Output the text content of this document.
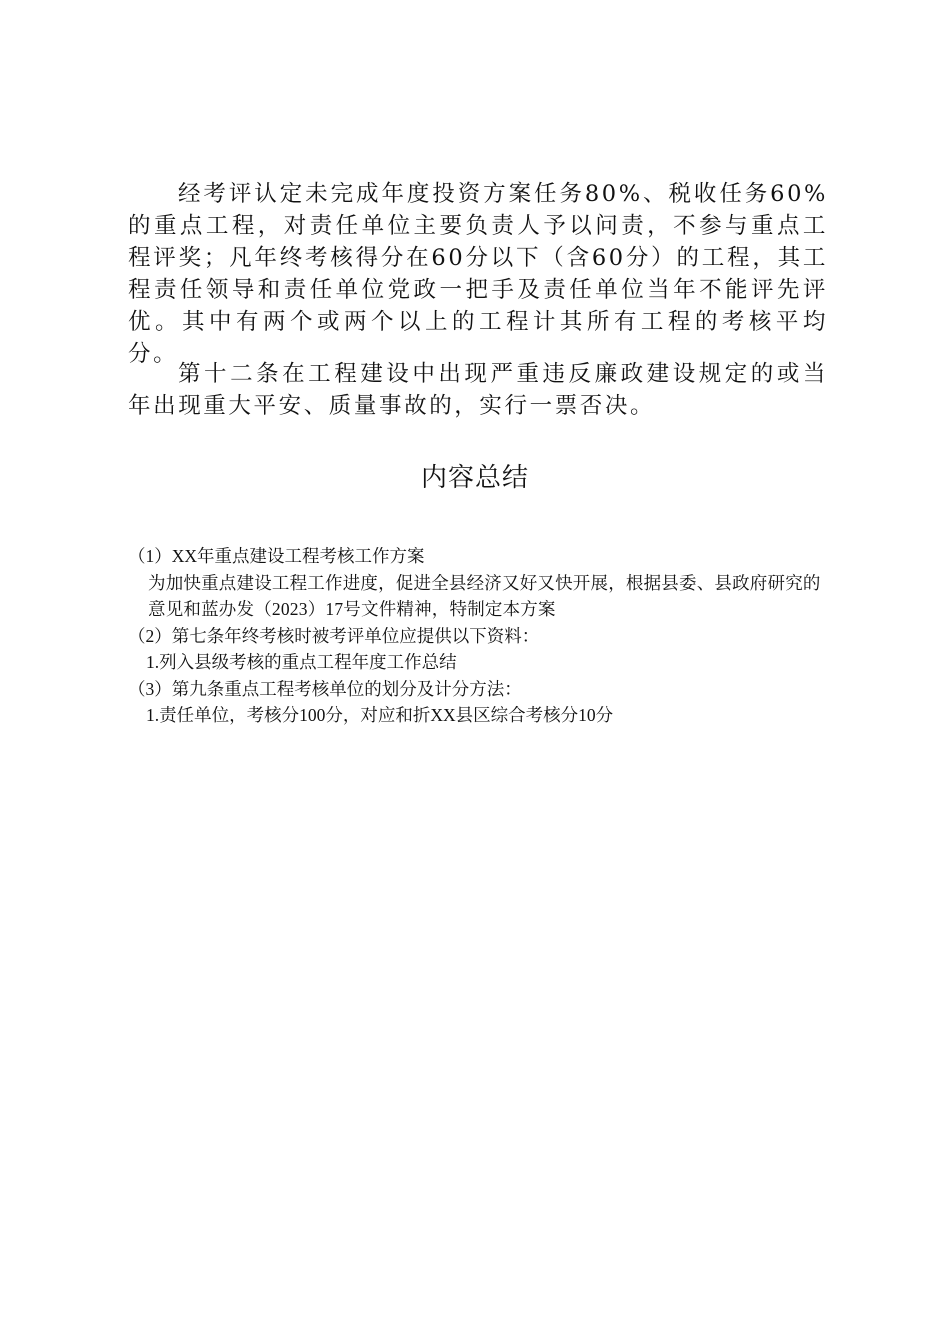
经考评认定未完成年度投资方案任务80%、税收任务60%的重点工程，对责任单位主要负责人予以问责，不参与重点工程评奖；凡年终考核得分在60分以下（含60分）的工程，其工程责任领导和责任单位党政一把手及责任单位当年不能评先评优。其中有两个或两个以上的工程计其所有工程的考核平均分。

第十二条在工程建设中出现严重违反廉政建设规定的或当年出现重大平安、质量事故的，实行一票否决。

内容总结
（1）XX年重点建设工程考核工作方案
为加快重点建设工程工作进度，促进全县经济又好又快开展，根据县委、县政府研究的意见和蓝办发（2023）17号文件精神，特制定本方案
（2）第七条年终考核时被考评单位应提供以下资料：
1.列入县级考核的重点工程年度工作总结
（3）第九条重点工程考核单位的划分及计分方法：
1.责任单位，考核分100分，对应和折XX县区综合考核分10分
